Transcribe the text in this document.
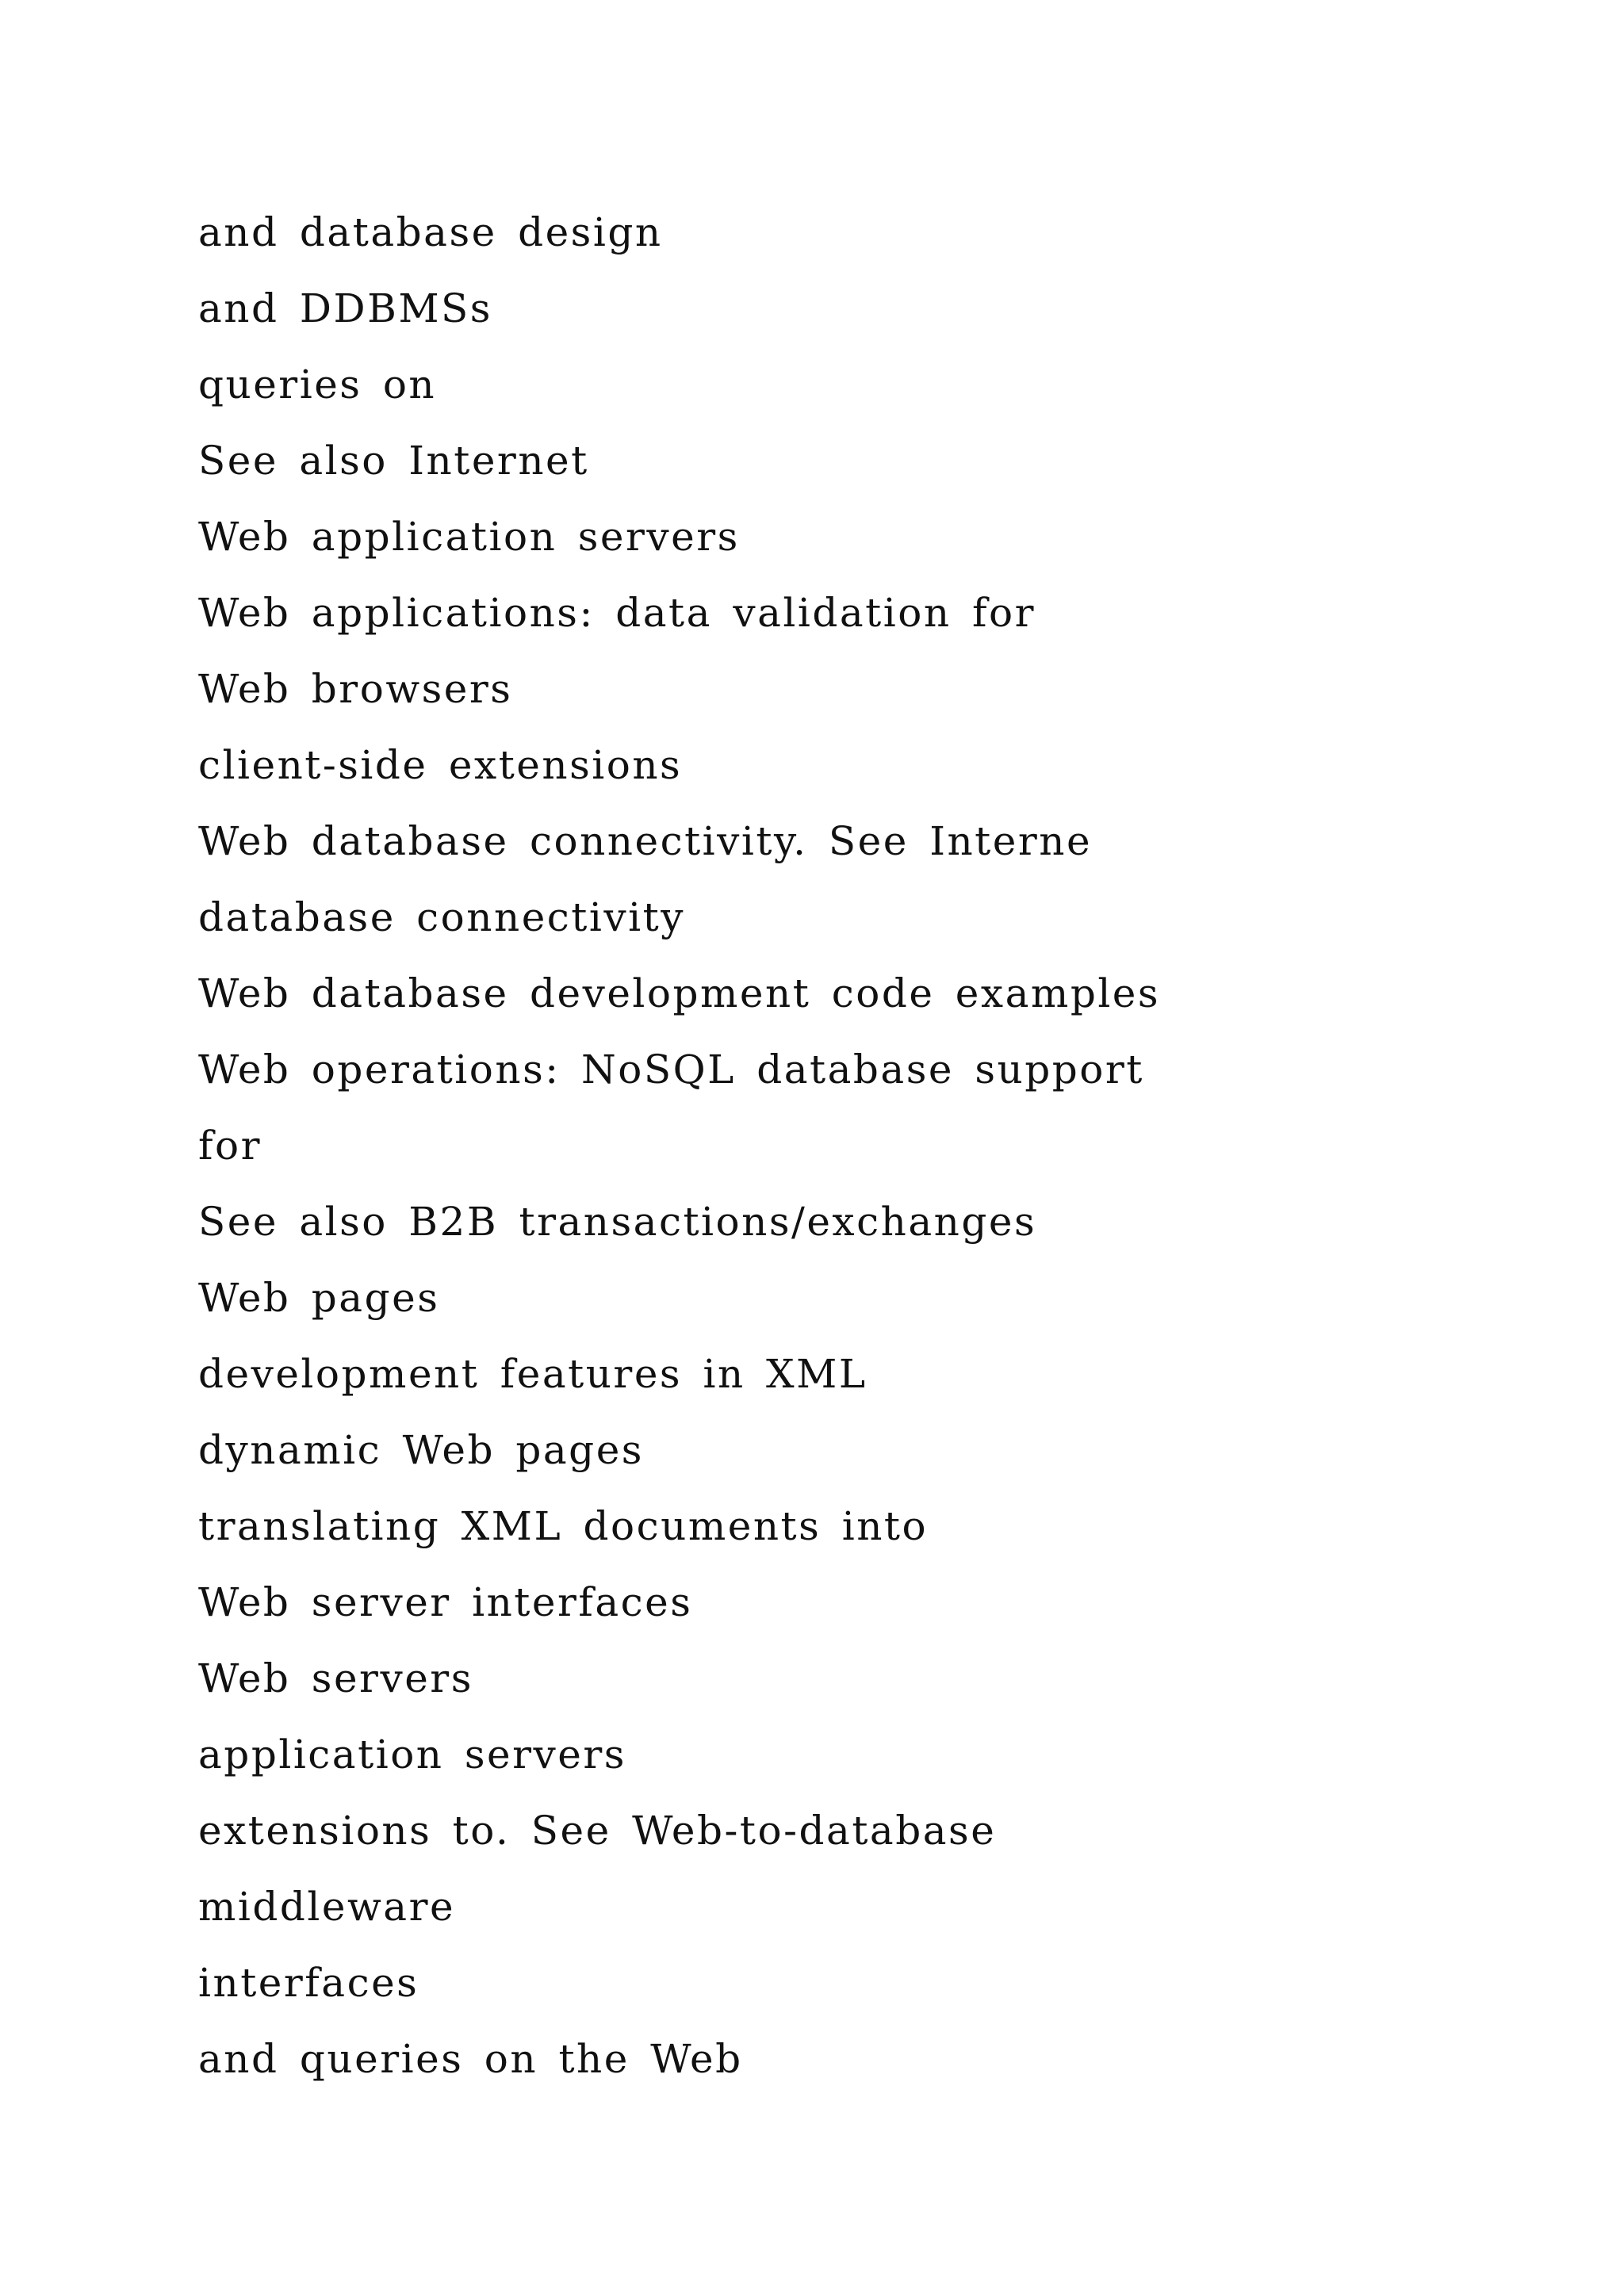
and database design
and DDBMSs
queries on
See also Internet
Web application servers
Web applications: data validation for
Web browsers
client-side extensions
Web database connectivity. See Interne
database connectivity
Web database development code examples
Web operations: NoSQL database support
for
See also B2B transactions/exchanges
Web pages
development features in XML
dynamic Web pages
translating XML documents into
Web server interfaces
Web servers
application servers
extensions to. See Web-to-database
middleware
interfaces
and queries on the Web
